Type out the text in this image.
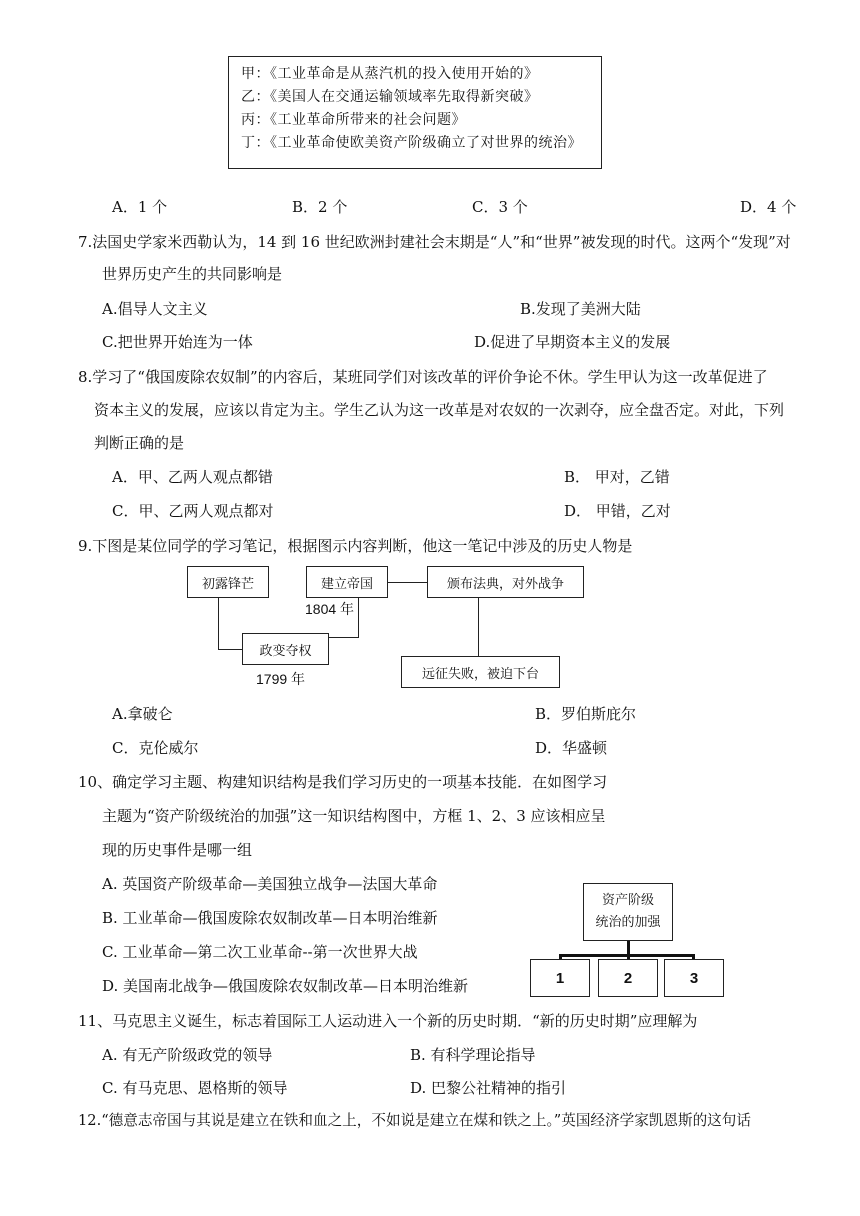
甲：《工业革命是从蒸汽机的投入使用开始的》
乙：《美国人在交通运输领域率先取得新突破》
丙：《工业革命所带来的社会问题》
丁：《工业革命使欧美资产阶级确立了对世界的统治》
A．1 个	B．2 个	C．3 个	D．4 个
7.法国史学家米西勒认为，14 到 16 世纪欧洲封建社会末期是“人”和“世界”被发现的时代。这两个“发现”对
世界历史产生的共同影响是
A.倡导人文主义	B.发现了美洲大陆
C.把世界开始连为一体	D.促进了早期资本主义的发展
8.学习了“俄国废除农奴制”的内容后，某班同学们对该改革的评价争论不休。学生甲认为这一改革促进了
资本主义的发展，应该以肯定为主。学生乙认为这一改革是对农奴的一次剥夺，应全盘否定。对此，下列
判断正确的是
A．甲、乙两人观点都错	B． 甲对，乙错
C．甲、乙两人观点都对	D． 甲错，乙对
9.下图是某位同学的学习笔记，根据图示内容判断，他这一笔记中涉及的历史人物是
初露锋芒	建立帝国	颁布法典，对外战争
政变夺权
远征失败，被迫下台
1804 年
1799 年
A.拿破仑	B．罗伯斯庇尔
C．克伦威尔	D．华盛顿
10、确定学习主题、构建知识结构是我们学习历史的一项基本技能．在如图学习
主题为“资产阶级统治的加强”这一知识结构图中，方框 1、2、3 应该相应呈
现的历史事件是哪一组
A. 英国资产阶级革命—美国独立战争—法国大革命
B. 工业革命—俄国废除农奴制改革—日本明治维新
C. 工业革命—第二次工业革命--第一次世界大战
D. 美国南北战争—俄国废除农奴制改革—日本明治维新
资产阶级
统治的加强
1	2	3
11、马克思主义诞生，标志着国际工人运动进入一个新的历史时期．“新的历史时期”应理解为
A. 有无产阶级政党的领导	B. 有科学理论指导
C. 有马克思、恩格斯的领导	D. 巴黎公社精神的指引
12.“德意志帝国与其说是建立在铁和血之上，不如说是建立在煤和铁之上。”英国经济学家凯恩斯的这句话
